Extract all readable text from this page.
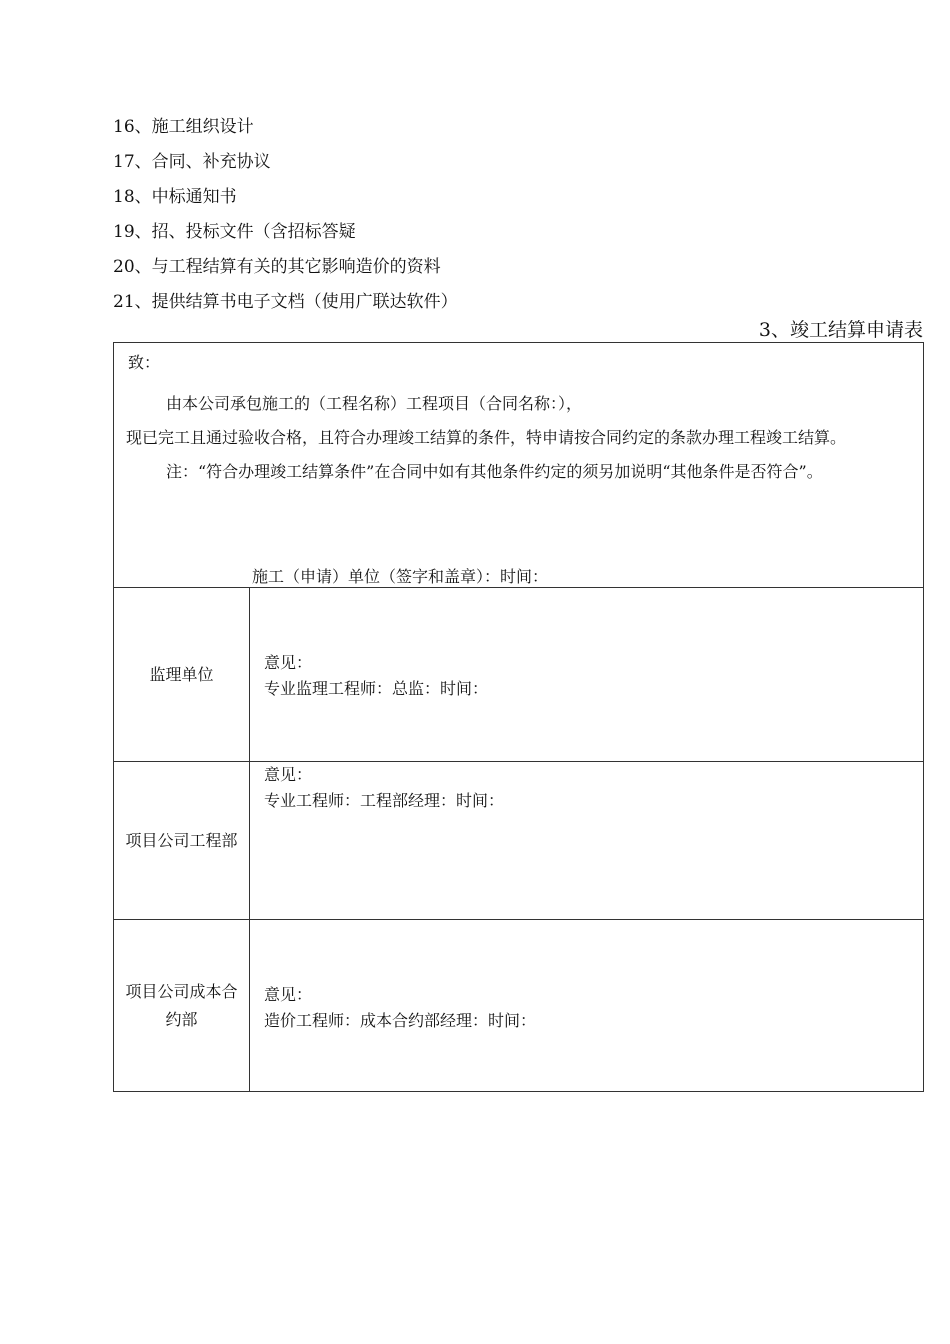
16、施工组织设计
17、合同、补充协议
18、中标通知书
19、招、投标文件（含招标答疑
20、与工程结算有关的其它影响造价的资料
21、提供结算书电子文档（使用广联达软件）
3、竣工结算申请表
致：
由本公司承包施工的（工程名称）工程项目（合同名称：），
现已完工且通过验收合格，且符合办理竣工结算的条件，特申请按合同约定的条款办理工程竣工结算。
注：“符合办理竣工结算条件”在合同中如有其他条件约定的须另加说明“其他条件是否符合”。
施工（申请）单位（签字和盖章）：时间：	

监理单位	意见：
专业监理工程师：总监：时间：

项目公司工程部	意见：
专业工程师：工程部经理：时间：

项目公司成本合约部	意见：
造价工程师：成本合约部经理：时间：
